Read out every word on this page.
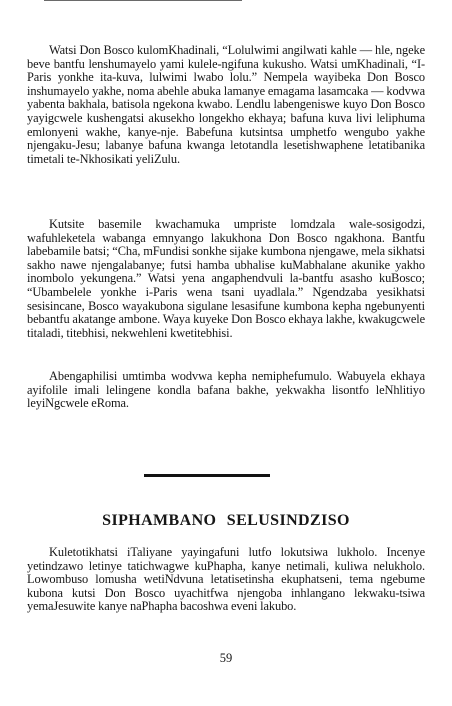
Watsi Don Bosco kulomKhadinali, “Lolulwimi angilwati kahle — hle, ngeke beve bantfu lenshumayelo yami kulele-ngifuna kukusho. Watsi umKhadinali, “I-Paris yonkhe ita-kuva, lulwimi lwabo lolu.” Nempela wayibeka Don Bosco inshumayelo yakhe, noma abehle abuka lamanye emagama lasamcaka — kodvwa yabenta bakhala, batisola ngekona kwabo. Lendlu labengeniswe kuyo Don Bosco yayigcwele kushengatsi akusekho longekho ekhaya; bafuna kuva livi leliphuma emlonyeni wakhe, kanye-nje. Babefuna kutsintsa umphetfo wengubo yakhe njengaku-Jesu; labanye bafuna kwanga letotandla lesetishwaphene letatibanika timetali te-Nkhosikati yeliZulu.

Kutsite basemile kwachamuka umpriste lomdzala wale-sosigodzi, wafuhleketela wabanga emnyango lakukhona Don Bosco ngakhona. Bantfu labebamile batsi; “Cha, mFundisi sonkhe sijake kumbona njengawe, mela sikhatsi sakho nawe njengalabanye; futsi hamba ubhalise kuMabhalane akunike yakho inombolo yekungena.” Watsi yena angaphendvuli la-bantfu asasho kuBosco; “Ubambelele yonkhe i-Paris wena tsani uyadlala.” Ngendzaba yesikhatsi sesisincane, Bosco wayakubona sigulane lesasifune kumbona kepha ngebunyenti bebantfu akatange ambone. Waya kuyeke Don Bosco ekhaya lakhe, kwakugcwele titaladi, titebhisi, nekwehleni kwetitebhisi.

Abengaphilisi umtimba wodvwa kepha nemiphefumulo. Wabuyela ekhaya ayifolile imali lelingene kondla bafana bakhe, yekwakha lisontfo leNhlitiyo leyiNgcwele eRoma.

SIPHAMBANO SELUSINDZISO

Kuletotikhatsi iTaliyane yayingafuni lutfo lokutsiwa lukholo. Incenye yetindzawo letinye tatichwagwe kuPhapha, kanye netimali, kuliwa nelukholo. Lowombuso lomusha wetiNdvuna letatisetinsha ekuphatseni, tema ngebume kubona kutsi Don Bosco uyachitfwa njengoba inhlangano lekwaku-tsiwa yemaJesuwite kanye naPhapha bacoshwa eveni lakubo.

59
